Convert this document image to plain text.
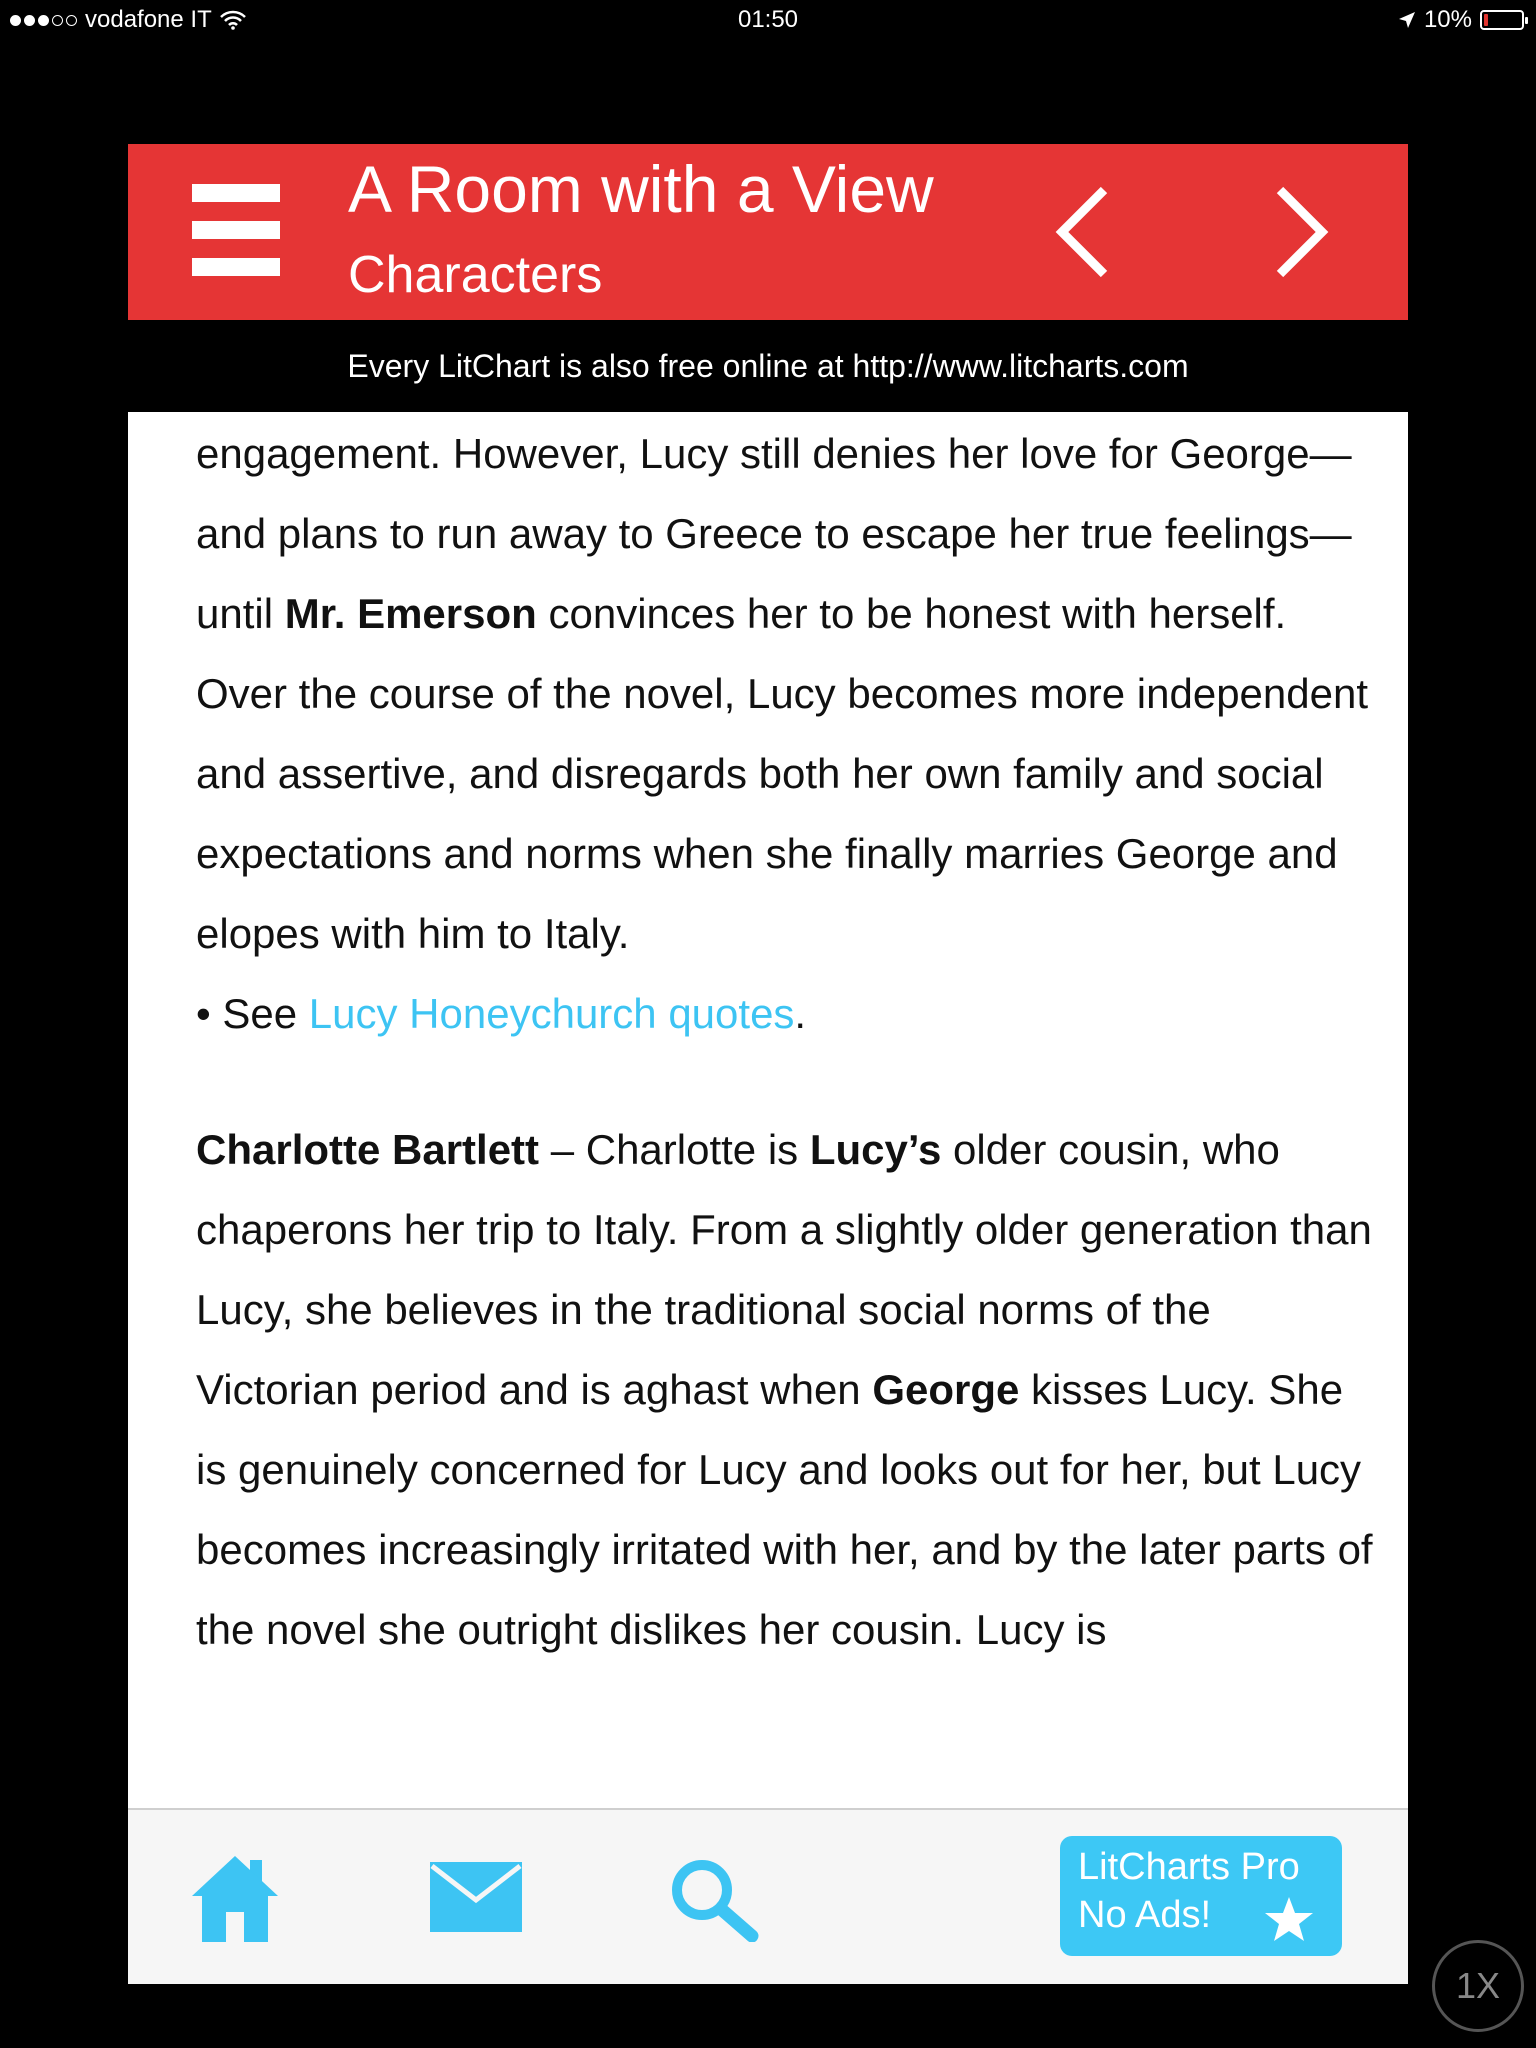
vodafone IT	01:50	10%
A Room with a View
Characters
Every LitChart is also free online at http://www.litcharts.com

engagement. However, Lucy still denies her love for George—and plans to run away to Greece to escape her true feelings—until Mr. Emerson convinces her to be honest with herself. Over the course of the novel, Lucy becomes more independent and assertive, and disregards both her own family and social expectations and norms when she finally marries George and elopes with him to Italy.

• See Lucy Honeychurch quotes.

Charlotte Bartlett – Charlotte is Lucy’s older cousin, who chaperons her trip to Italy. From a slightly older generation than Lucy, she believes in the traditional social norms of the Victorian period and is aghast when George kisses Lucy. She is genuinely concerned for Lucy and looks out for her, but Lucy becomes increasingly irritated with her, and by the later parts of the novel she outright dislikes her cousin. Lucy is

LitCharts Pro
No Ads!
1X
